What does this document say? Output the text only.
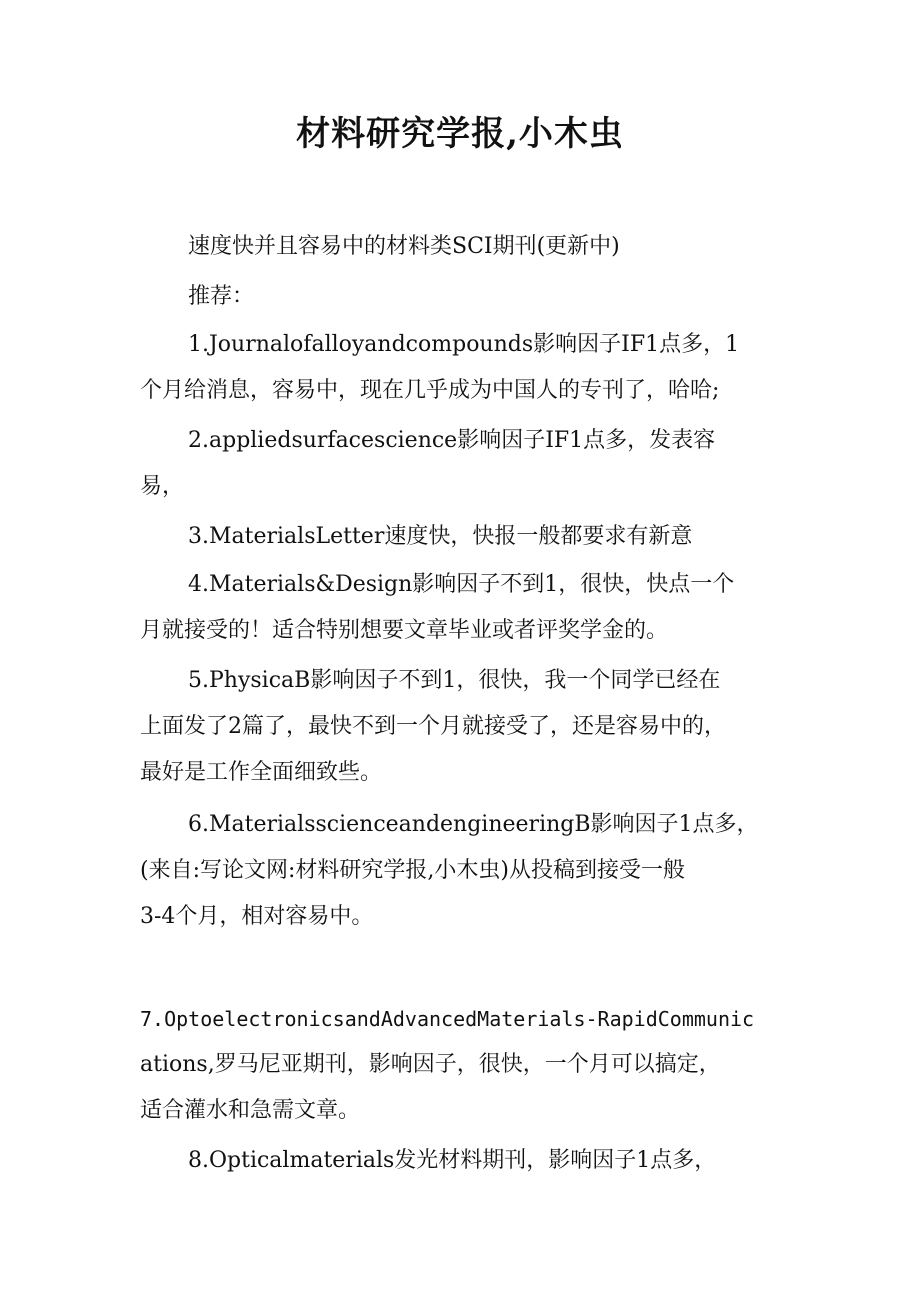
材料研究学报,小木虫
速度快并且容易中的材料类SCI期刊(更新中)
推荐：
1.Journalofalloyandcompounds影响因子IF1点多，1
个月给消息，容易中，现在几乎成为中国人的专刊了，哈哈;
2.appliedsurfacescience影响因子IF1点多，发表容
易，
3.MaterialsLetter速度快，快报一般都要求有新意
4.Materials&Design影响因子不到1，很快，快点一个
月就接受的！适合特别想要文章毕业或者评奖学金的。
5.PhysicaB影响因子不到1，很快，我一个同学已经在
上面发了2篇了，最快不到一个月就接受了，还是容易中的，
最好是工作全面细致些。
6.MaterialsscienceandengineeringB影响因子1点多，
(来自:写论文网:材料研究学报,小木虫)从投稿到接受一般
3-4个月，相对容易中。
7.OptoelectronicsandAdvancedMaterials-RapidCommunic
ations,罗马尼亚期刊，影响因子，很快，一个月可以搞定，
适合灌水和急需文章。
8.Opticalmaterials发光材料期刊，影响因子1点多，
